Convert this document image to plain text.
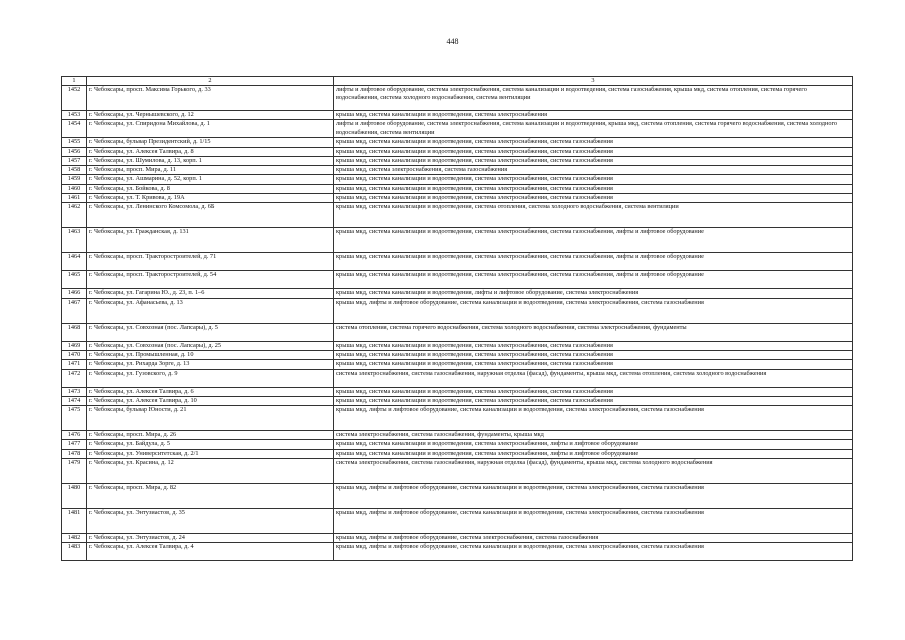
448
1	2	3
1452	г. Чебоксары, просп. Максима Горького, д. 33	лифты и лифтовое оборудование, система электроснабжения, система канализации и водоотведения, система газоснабжения, крыша мкд, система отопления, система горячего водоснабжения, система холодного водоснабжения, система вентиляции
1453	г. Чебоксары, ул. Чернышевского, д. 12	крыша мкд, система канализации и водоотведения, система электроснабжения
1454	г. Чебоксары, ул. Спиридона Михайлова, д. 1	лифты и лифтовое оборудование, система электроснабжения, система канализации и водоотведения, крыша мкд, система отопления, система горячего водоснабжения, система холодного водоснабжения, система вентиляции
1455	г. Чебоксары, бульвар Президентский, д. 1/15	крыша мкд, система канализации и водоотведения, система электроснабжения, система газоснабжения
1456	г. Чебоксары, ул. Алексея Талвира, д. 8	крыша мкд, система канализации и водоотведения, система электроснабжения, система газоснабжения
1457	г. Чебоксары, ул. Шумилова, д. 13, корп. 1	крыша мкд, система канализации и водоотведения, система электроснабжения, система газоснабжения
1458	г. Чебоксары, просп. Мира, д. 11	крыша мкд, система электроснабжения, система газоснабжения
1459	г. Чебоксары, ул. Ашмарина, д. 52, корп. 1	крыша мкд, система канализации и водоотведения, система электроснабжения, система газоснабжения
1460	г. Чебоксары, ул. Бойкова, д. 8	крыша мкд, система канализации и водоотведения, система электроснабжения, система газоснабжения
1461	г. Чебоксары, ул. Т. Кривова, д. 19А	крыша мкд, система канализации и водоотведения, система электроснабжения, система газоснабжения
1462	г. Чебоксары, ул. Ленинского Комсомола, д. 6Б	крыша мкд, система канализации и водоотведения, система отопления, система холодного водоснабжения, система вентиляции
1463	г. Чебоксары, ул. Гражданская, д. 131	крыша мкд, система канализации и водоотведения, система электроснабжения, система газоснабжения, лифты и лифтовое оборудование
1464	г. Чебоксары, просп. Тракторостроителей, д. 71	крыша мкд, система канализации и водоотведения, система электроснабжения, система газоснабжения, лифты и лифтовое оборудование
1465	г. Чебоксары, просп. Тракторостроителей, д. 54	крыша мкд, система канализации и водоотведения, система электроснабжения, система газоснабжения, лифты и лифтовое оборудование
1466	г. Чебоксары, ул. Гагарина Ю., д. 23, п. 1–6	крыша мкд, система канализации и водоотведения, лифты и лифтовое оборудование, система электроснабжения
1467	г. Чебоксары, ул. Афанасьева, д. 13	крыша мкд, лифты и лифтовое оборудование, система канализации и водоотведения, система электроснабжения, система газоснабжения
1468	г. Чебоксары, ул. Совхозная (пос. Лапсары), д. 5	система отопления, система горячего водоснабжения, система холодного водоснабжения, система электроснабжения, фундаменты
1469	г. Чебоксары, ул. Совхозная (пос. Лапсары), д. 25	крыша мкд, система канализации и водоотведения, система электроснабжения, система газоснабжения
1470	г. Чебоксары, ул. Промышленная, д. 10	крыша мкд, система канализации и водоотведения, система электроснабжения, система газоснабжения
1471	г. Чебоксары, ул. Рихарда Зорге, д. 13	крыша мкд, система канализации и водоотведения, система электроснабжения, система газоснабжения
1472	г. Чебоксары, ул. Гузовского, д. 9	система электроснабжения, система газоснабжения, наружная отделка (фасад), фундаменты, крыша мкд, система отопления, система холодного водоснабжения
1473	г. Чебоксары, ул. Алексея Талвира, д. 6	крыша мкд, система канализации и водоотведения, система электроснабжения, система газоснабжения
1474	г. Чебоксары, ул. Алексея Талвира, д. 10	крыша мкд, система канализации и водоотведения, система электроснабжения, система газоснабжения
1475	г. Чебоксары, бульвар Юности, д. 21	крыша мкд, лифты и лифтовое оборудование, система канализации и водоотведения, система электроснабжения, система газоснабжения
1476	г. Чебоксары, просп. Мира, д. 26	система электроснабжения, система газоснабжения, фундаменты, крыша мкд
1477	г. Чебоксары, ул. Байдула, д. 5	крыша мкд, система канализации и водоотведения, система электроснабжения, лифты и лифтовое оборудование
1478	г. Чебоксары, ул. Университетская, д. 2/1	крыша мкд, система канализации и водоотведения, система электроснабжения, лифты и лифтовое оборудование
1479	г. Чебоксары, ул. Красина, д. 12	система электроснабжения, система газоснабжения, наружная отделка (фасад), фундаменты, крыша мкд, система холодного водоснабжения
1480	г. Чебоксары, просп. Мира, д. 82	крыша мкд, лифты и лифтовое оборудование, система канализации и водоотведения, система электроснабжения, система газоснабжения
1481	г. Чебоксары, ул. Энтузиастов, д. 35	крыша мкд, лифты и лифтовое оборудование, система канализации и водоотведения, система электроснабжения, система газоснабжения
1482	г. Чебоксары, ул. Энтузиастов, д. 24	крыша мкд, лифты и лифтовое оборудование, система электроснабжения, система газоснабжения
1483	г. Чебоксары, ул. Алексея Талвира, д. 4	крыша мкд, лифты и лифтовое оборудование, система канализации и водоотведения, система электроснабжения, система газоснабжения
